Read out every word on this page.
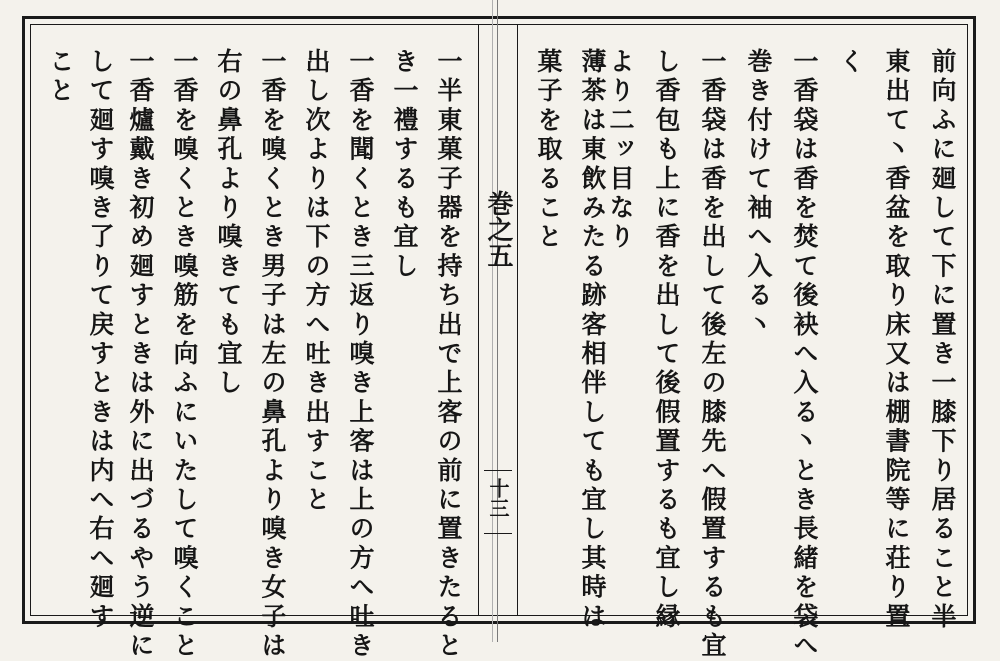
巻之五
十三	前向ふに廻して下に置き一膝下り居ること半
東出て丶香盆を取り床又は棚書院等に荘り置
く
一香袋は香を焚て後袂へ入る丶とき長緒を袋へ
巻き付けて袖へ入る丶
一香袋は香を出して後左の膝先へ假置するも宜
し香包も上に香を出して後假置するも宜し縁
より二ッ目なり
薄茶は東飲みたる跡客相伴しても宜し其時は
菓子を取ること
一半東菓子器を持ち出で上客の前に置きたると
き一禮するも宜し
一香を聞くとき三返り嗅き上客は上の方へ吐き
出し次よりは下の方へ吐き出すこと
一香を嗅くとき男子は左の鼻孔より嗅き女子は
右の鼻孔より嗅きても宜し
一香を嗅くとき嗅筋を向ふにいたして嗅くこと
一香爐戴き初め廻すときは外に出づるやう逆に
して廻す嗅き了りて戻すときは内へ右へ廻す
こと
